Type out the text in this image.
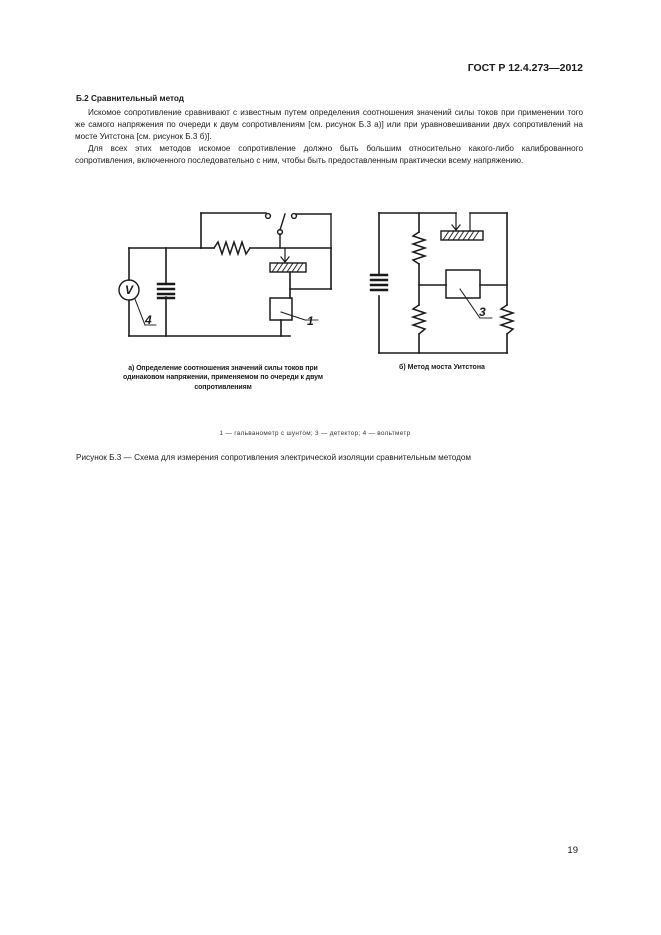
ГОСТ Р 12.4.273—2012
Б.2 Сравнительный метод

Искомое сопротивление сравнивают с известным путем определения соотношения значений силы токов при применении того же самого напряжения по очереди к двум сопротивлениям [см. рисунок Б.3 а)] или при уравновешивании двух сопротивлений на мосте Уитстона [см. рисунок Б.3 б)].

Для всех этих методов искомое сопротивление должно быть большим относительно какого-либо калиброванного сопротивления, включенного последовательно с ним, чтобы быть предоставленным практически всему напряжению.

V
1
4
3
а) Определение соотношения значений силы токов при одинаковом напряжении, применяемом по очереди к двум сопротивлениям
б) Метод моста Уитстона
1 — гальванометр с шунтом; 3 — детектор; 4 — вольтметр
Рисунок Б.3 — Схема для измерения сопротивления электрической изоляции сравнительным методом
19
